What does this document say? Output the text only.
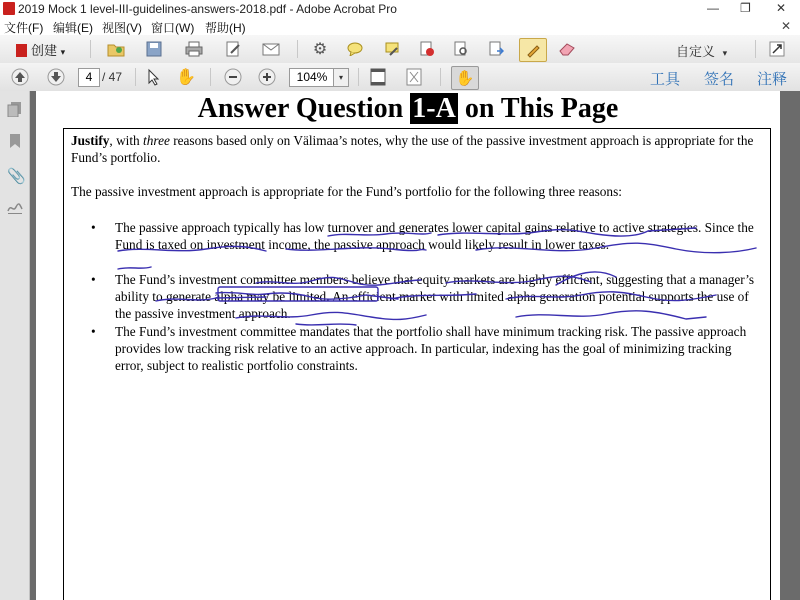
2019 Mock 1 level-III-guidelines-answers-2018.pdf - Adobe Acrobat Pro	— ❐ ✕
文件(F) 编辑(E) 视图(V) 窗口(W) 帮助(H)	✕
创建 ▾	⚙	自定义 ▾
4 / 47	✋	104%	▾	✋	工具 签名 注释
📎
Answer Question 1-A on This Page
Justify, with three reasons based only on Välimaa’s notes, why the use of the passive investment approach is appropriate for the Fund’s portfolio.
The passive investment approach is appropriate for the Fund’s portfolio for the following three reasons:
• The passive approach typically has low turnover and generates lower capital gains relative to active strategies. Since the Fund is taxed on investment income, the passive approach would likely result in lower taxes.
• The Fund’s investment committee members believe that equity markets are highly efficient, suggesting that a manager’s ability to generate alpha may be limited. An efficient market with limited alpha generation potential supports the use of the passive investment approach.
• The Fund’s investment committee mandates that the portfolio shall have minimum tracking risk. The passive approach provides low tracking risk relative to an active approach. In particular, indexing has the goal of minimizing tracking error, subject to realistic portfolio constraints.
